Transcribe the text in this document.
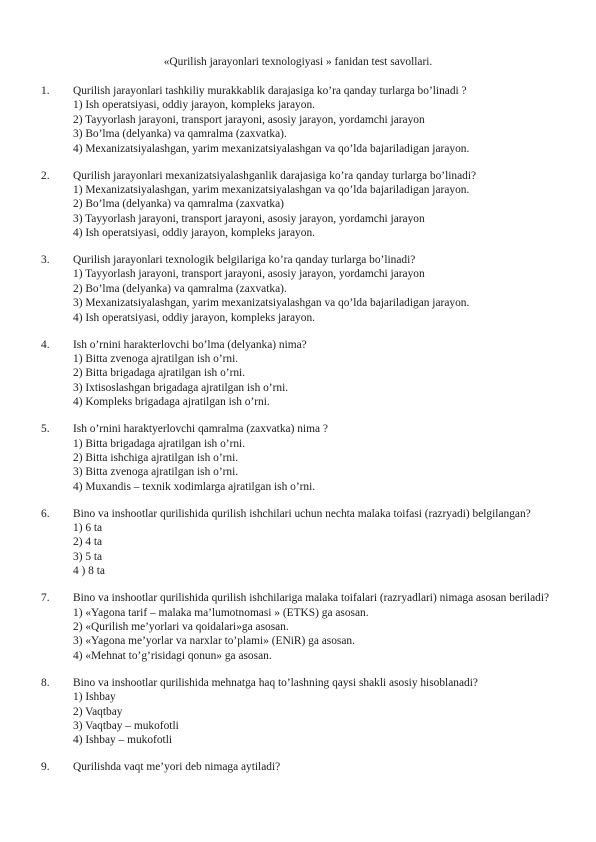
«Qurilish jarayonlari texnologiyasi » fanidan test savollari.
1.	Qurilish jarayonlari tashkiliy murakkablik darajasiga ko’ra qanday turlarga bo’linadi ?
1) Ish operatsiyasi, oddiy jarayon, kompleks jarayon.
2) Tayyorlash jarayoni, transport jarayoni, asosiy jarayon, yordamchi jarayon
3) Bo’lma (delyanka) va qamralma (zaxvatka).
4) Mexanizatsiyalashgan, yarim mexanizatsiyalashgan va qo’lda bajariladigan jarayon.
2.	Qurilish jarayonlari mexanizatsiyalashganlik darajasiga ko’ra qanday turlarga bo’linadi?
1) Mexanizatsiyalashgan, yarim mexanizatsiyalashgan va qo’lda bajariladigan jarayon.
2) Bo’lma (delyanka) va qamralma (zaxvatka)
3) Tayyorlash jarayoni, transport jarayoni, asosiy jarayon, yordamchi jarayon
4) Ish operatsiyasi, oddiy jarayon, kompleks jarayon.
3.	Qurilish jarayonlari texnologik belgilariga ko’ra qanday turlarga bo’linadi?
1) Tayyorlash jarayoni, transport jarayoni, asosiy jarayon, yordamchi jarayon
2) Bo’lma (delyanka) va qamralma (zaxvatka).
3) Mexanizatsiyalashgan, yarim mexanizatsiyalashgan va qo’lda bajariladigan jarayon.
4) Ish operatsiyasi, oddiy jarayon, kompleks jarayon.
4.	Ish o’rnini harakterlovchi bo’lma (delyanka) nima?
1) Bitta zvenoga ajratilgan ish o’rni.
2) Bitta brigadaga ajratilgan ish o’rni.
3) Ixtisoslashgan brigadaga ajratilgan ish o’rni.
4) Kompleks brigadaga ajratilgan ish o’rni.
5.	Ish o’rnini haraktyerlovchi qamralma (zaxvatka) nima ?
1) Bitta brigadaga ajratilgan ish o’rni.
2) Bitta ishchiga ajratilgan ish o’rni.
3) Bitta zvenoga ajratilgan ish o’rni.
4) Muxandis – texnik xodimlarga ajratilgan ish o’rni.
6.	Bino va inshootlar qurilishida qurilish ishchilari uchun nechta malaka toifasi (razryadi) belgilangan?
1) 6 ta
2) 4 ta
3) 5 ta
4 ) 8 ta
7.	Bino va inshootlar qurilishida qurilish ishchilariga malaka toifalari (razryadlari) nimaga asosan beriladi?
1) «Yagona tarif – malaka ma’lumotnomasi » (ETKS) ga asosan.
2) «Qurilish me’yorlari va qoidalari»ga asosan.
3) «Yagona me’yorlar va narxlar to’plami» (ENiR) ga asosan.
4) «Mehnat to’g’risidagi qonun» ga asosan.
8.	Bino va inshootlar qurilishida mehnatga haq to’lashning qaysi shakli asosiy hisoblanadi?
1) Ishbay
2) Vaqtbay
3) Vaqtbay – mukofotli
4) Ishbay – mukofotli
9.	Qurilishda vaqt me’yori deb nimaga aytiladi?
